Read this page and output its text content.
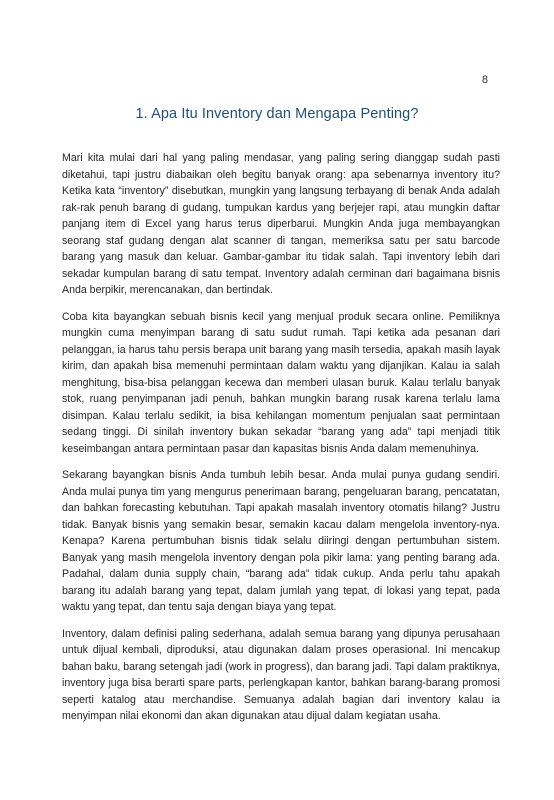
8
1. Apa Itu Inventory dan Mengapa Penting?

Mari kita mulai dari hal yang paling mendasar, yang paling sering dianggap sudah pasti diketahui, tapi justru diabaikan oleh begitu banyak orang: apa sebenarnya inventory itu? Ketika kata “inventory” disebutkan, mungkin yang langsung terbayang di benak Anda adalah rak-rak penuh barang di gudang, tumpukan kardus yang berjejer rapi, atau mungkin daftar panjang item di Excel yang harus terus diperbarui. Mungkin Anda juga membayangkan seorang staf gudang dengan alat scanner di tangan, memeriksa satu per satu barcode barang yang masuk dan keluar. Gambar-gambar itu tidak salah. Tapi inventory lebih dari sekadar kumpulan barang di satu tempat. Inventory adalah cerminan dari bagaimana bisnis Anda berpikir, merencanakan, dan bertindak.

Coba kita bayangkan sebuah bisnis kecil yang menjual produk secara online. Pemiliknya mungkin cuma menyimpan barang di satu sudut rumah. Tapi ketika ada pesanan dari pelanggan, ia harus tahu persis berapa unit barang yang masih tersedia, apakah masih layak kirim, dan apakah bisa memenuhi permintaan dalam waktu yang dijanjikan. Kalau ia salah menghitung, bisa-bisa pelanggan kecewa dan memberi ulasan buruk. Kalau terlalu banyak stok, ruang penyimpanan jadi penuh, bahkan mungkin barang rusak karena terlalu lama disimpan. Kalau terlalu sedikit, ia bisa kehilangan momentum penjualan saat permintaan sedang tinggi. Di sinilah inventory bukan sekadar “barang yang ada” tapi menjadi titik keseimbangan antara permintaan pasar dan kapasitas bisnis Anda dalam memenuhinya.

Sekarang bayangkan bisnis Anda tumbuh lebih besar. Anda mulai punya gudang sendiri. Anda mulai punya tim yang mengurus penerimaan barang, pengeluaran barang, pencatatan, dan bahkan forecasting kebutuhan. Tapi apakah masalah inventory otomatis hilang? Justru tidak. Banyak bisnis yang semakin besar, semakin kacau dalam mengelola inventory-nya. Kenapa? Karena pertumbuhan bisnis tidak selalu diiringi dengan pertumbuhan sistem. Banyak yang masih mengelola inventory dengan pola pikir lama: yang penting barang ada. Padahal, dalam dunia supply chain, “barang ada” tidak cukup. Anda perlu tahu apakah barang itu adalah barang yang tepat, dalam jumlah yang tepat, di lokasi yang tepat, pada waktu yang tepat, dan tentu saja dengan biaya yang tepat.

Inventory, dalam definisi paling sederhana, adalah semua barang yang dipunya perusahaan untuk dijual kembali, diproduksi, atau digunakan dalam proses operasional. Ini mencakup bahan baku, barang setengah jadi (work in progress), dan barang jadi. Tapi dalam praktiknya, inventory juga bisa berarti spare parts, perlengkapan kantor, bahkan barang-barang promosi seperti katalog atau merchandise. Semuanya adalah bagian dari inventory kalau ia menyimpan nilai ekonomi dan akan digunakan atau dijual dalam kegiatan usaha.
